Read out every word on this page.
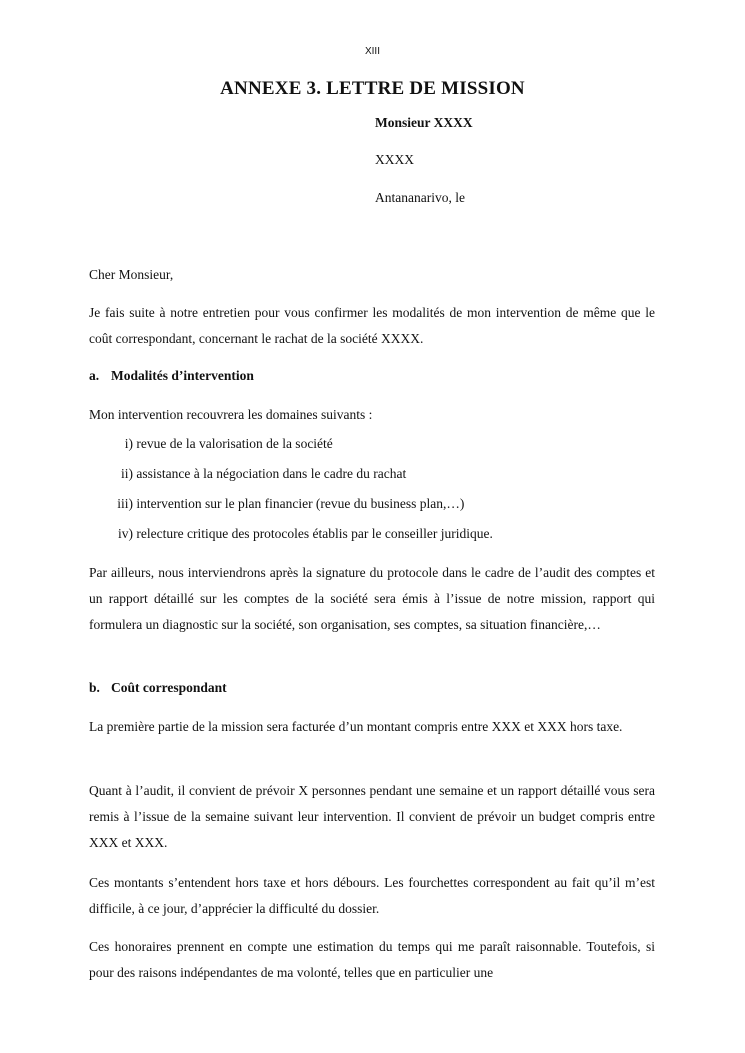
XIII
ANNEXE 3. LETTRE DE MISSION
Monsieur XXXX
XXXX
Antananarivo, le
Cher Monsieur,
Je fais suite à notre entretien pour vous confirmer les modalités de mon intervention de même que le coût correspondant, concernant le rachat de la société XXXX.
a. Modalités d’intervention
Mon intervention recouvrera les domaines suivants :
i) revue de la valorisation de la société
ii) assistance à la négociation dans le cadre du rachat
iii) intervention sur le plan financier (revue du business plan,…)
iv) relecture critique des protocoles établis par le conseiller juridique.
Par ailleurs, nous interviendrons après la signature du protocole dans le cadre de l’audit des comptes et un rapport détaillé sur les comptes de la société sera émis à l’issue de notre mission, rapport qui formulera un diagnostic sur la société, son organisation, ses comptes, sa situation financière,…
b. Coût correspondant
La première partie de la mission sera facturée d’un montant compris entre XXX et XXX hors taxe.
Quant à l’audit, il convient de prévoir X personnes pendant une semaine et un rapport détaillé vous sera remis à l’issue de la semaine suivant leur intervention. Il convient de prévoir un budget compris entre XXX et XXX.
Ces montants s’entendent hors taxe et hors débours. Les fourchettes correspondent au fait qu’il m’est difficile, à ce jour, d’apprécier la difficulté du dossier.
Ces honoraires prennent en compte une estimation du temps qui me paraît raisonnable. Toutefois, si pour des raisons indépendantes de ma volonté, telles que en particulier une
